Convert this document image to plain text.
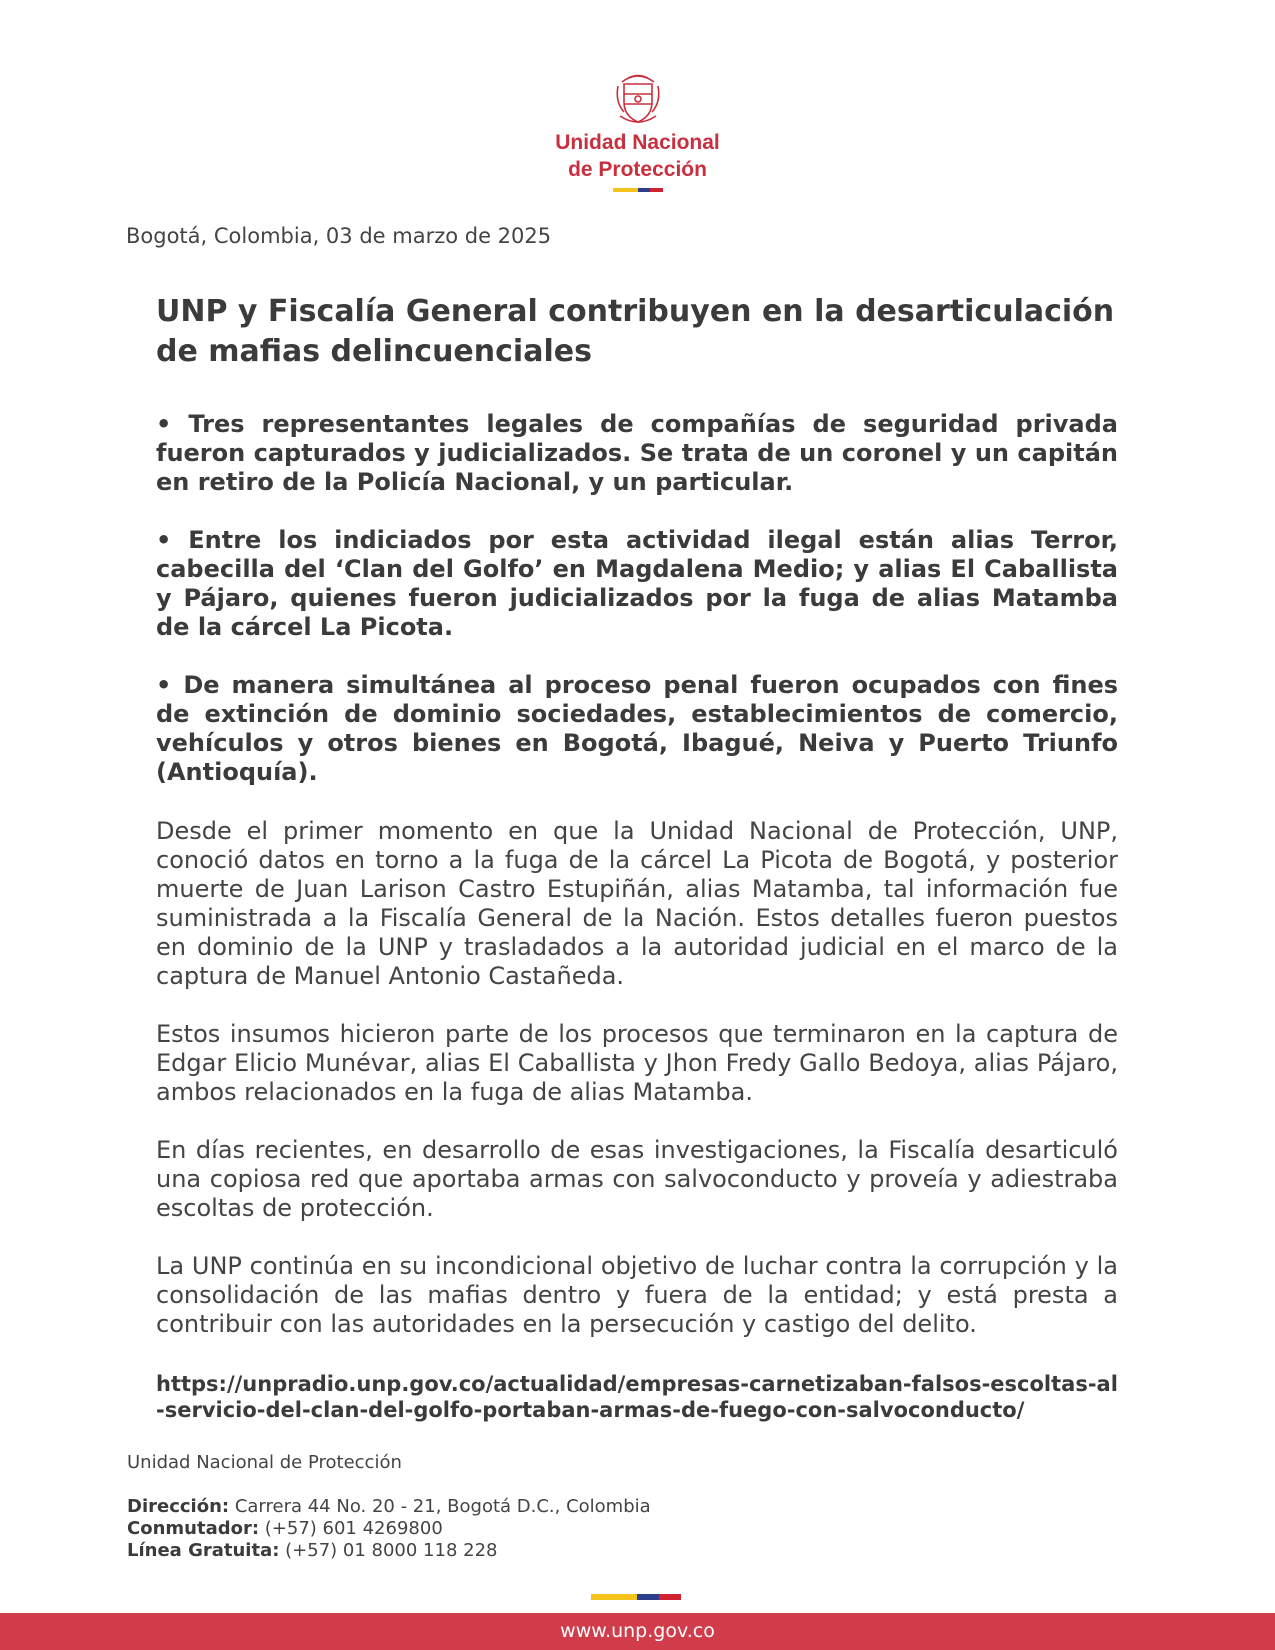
Unidad Nacional
de Protección
Bogotá, Colombia, 03 de marzo de 2025
UNP y Fiscalía General contribuyen en la desarticulación de mafias delincuenciales

• Tres representantes legales de compañías de seguridad privada fueron capturados y judicializados. Se trata de un coronel y un capitán en retiro de la Policía Nacional, y un particular.

• Entre los indiciados por esta actividad ilegal están alias Terror, cabecilla del ‘Clan del Golfo’ en Magdalena Medio; y alias El Caballista y Pájaro, quienes fueron judicializados por la fuga de alias Matamba de la cárcel La Picota.

• De manera simultánea al proceso penal fueron ocupados con fines de extinción de dominio sociedades, establecimientos de comercio, vehículos y otros bienes en Bogotá, Ibagué, Neiva y Puerto Triunfo (Antioquía).

Desde el primer momento en que la Unidad Nacional de Protección, UNP, conoció datos en torno a la fuga de la cárcel La Picota de Bogotá, y posterior muerte de Juan Larison Castro Estupiñán, alias Matamba, tal información fue suministrada a la Fiscalía General de la Nación. Estos detalles fueron puestos en dominio de la UNP y trasladados a la autoridad judicial en el marco de la captura de Manuel Antonio Castañeda.

Estos insumos hicieron parte de los procesos que terminaron en la captura de Edgar Elicio Munévar, alias El Caballista y Jhon Fredy Gallo Bedoya, alias Pájaro, ambos relacionados en la fuga de alias Matamba.

En días recientes, en desarrollo de esas investigaciones, la Fiscalía desarticuló una copiosa red que aportaba armas con salvoconducto y proveía y adiestraba escoltas de protección.

La UNP continúa en su incondicional objetivo de luchar contra la corrupción y la consolidación de las mafias dentro y fuera de la entidad; y está presta a contribuir con las autoridades en la persecución y castigo del delito.

https://unpradio.unp.gov.co/actualidad/empresas-carnetizaban-falsos-escoltas-al-servicio-del-clan-del-golfo-portaban-armas-de-fuego-con-salvoconducto/
Unidad Nacional de Protección
Dirección: Carrera 44 No. 20 - 21, Bogotá D.C., Colombia
Conmutador: (+57) 601 4269800
Línea Gratuita: (+57) 01 8000 118 228
www.unp.gov.co
